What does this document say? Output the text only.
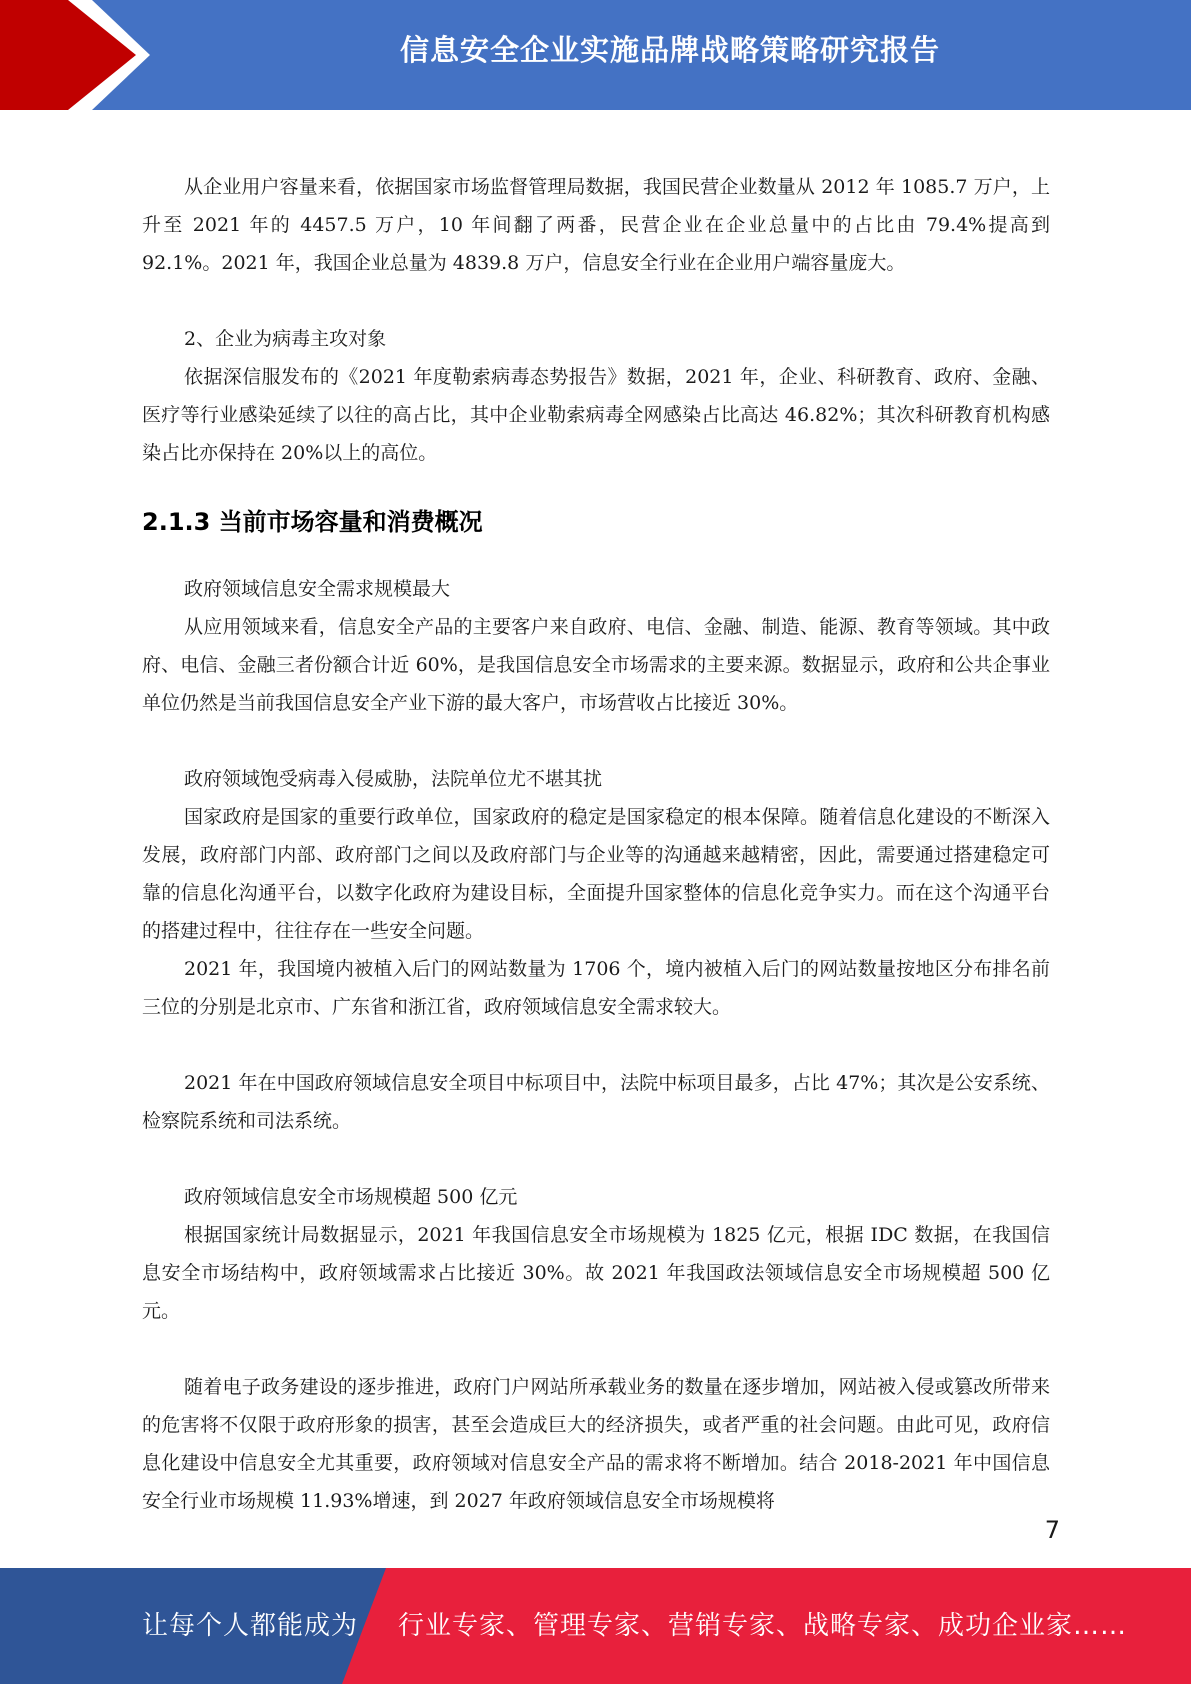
信息安全企业实施品牌战略策略研究报告

从企业用户容量来看，依据国家市场监督管理局数据，我国民营企业数量从 2012 年 1085.7 万户，上升至 2021 年的 4457.5 万户，10 年间翻了两番，民营企业在企业总量中的占比由 79.4%提高到 92.1%。2021 年，我国企业总量为 4839.8 万户，信息安全行业在企业用户端容量庞大。

2、企业为病毒主攻对象

依据深信服发布的《2021 年度勒索病毒态势报告》数据，2021 年，企业、科研教育、政府、金融、医疗等行业感染延续了以往的高占比，其中企业勒索病毒全网感染占比高达 46.82%；其次科研教育机构感染占比亦保持在 20%以上的高位。

2.1.3 当前市场容量和消费概况

政府领域信息安全需求规模最大

从应用领域来看，信息安全产品的主要客户来自政府、电信、金融、制造、能源、教育等领域。其中政府、电信、金融三者份额合计近 60%，是我国信息安全市场需求的主要来源。数据显示，政府和公共企事业单位仍然是当前我国信息安全产业下游的最大客户，市场营收占比接近 30%。

政府领域饱受病毒入侵威胁，法院单位尤不堪其扰

国家政府是国家的重要行政单位，国家政府的稳定是国家稳定的根本保障。随着信息化建设的不断深入发展，政府部门内部、政府部门之间以及政府部门与企业等的沟通越来越精密，因此，需要通过搭建稳定可靠的信息化沟通平台，以数字化政府为建设目标，全面提升国家整体的信息化竞争实力。而在这个沟通平台的搭建过程中，往往存在一些安全问题。

2021 年，我国境内被植入后门的网站数量为 1706 个，境内被植入后门的网站数量按地区分布排名前三位的分别是北京市、广东省和浙江省，政府领域信息安全需求较大。

2021 年在中国政府领域信息安全项目中标项目中，法院中标项目最多，占比 47%；其次是公安系统、检察院系统和司法系统。

政府领域信息安全市场规模超 500 亿元

根据国家统计局数据显示，2021 年我国信息安全市场规模为 1825 亿元，根据 IDC 数据，在我国信息安全市场结构中，政府领域需求占比接近 30%。故 2021 年我国政法领域信息安全市场规模超 500 亿元。

随着电子政务建设的逐步推进，政府门户网站所承载业务的数量在逐步增加，网站被入侵或篡改所带来的危害将不仅限于政府形象的损害，甚至会造成巨大的经济损失，或者严重的社会问题。由此可见，政府信息化建设中信息安全尤其重要，政府领域对信息安全产品的需求将不断增加。结合 2018-2021 年中国信息安全行业市场规模 11.93%增速，到 2027 年政府领域信息安全市场规模将

7
让每个人都能成为 行业专家、管理专家、营销专家、战略专家、成功企业家……
